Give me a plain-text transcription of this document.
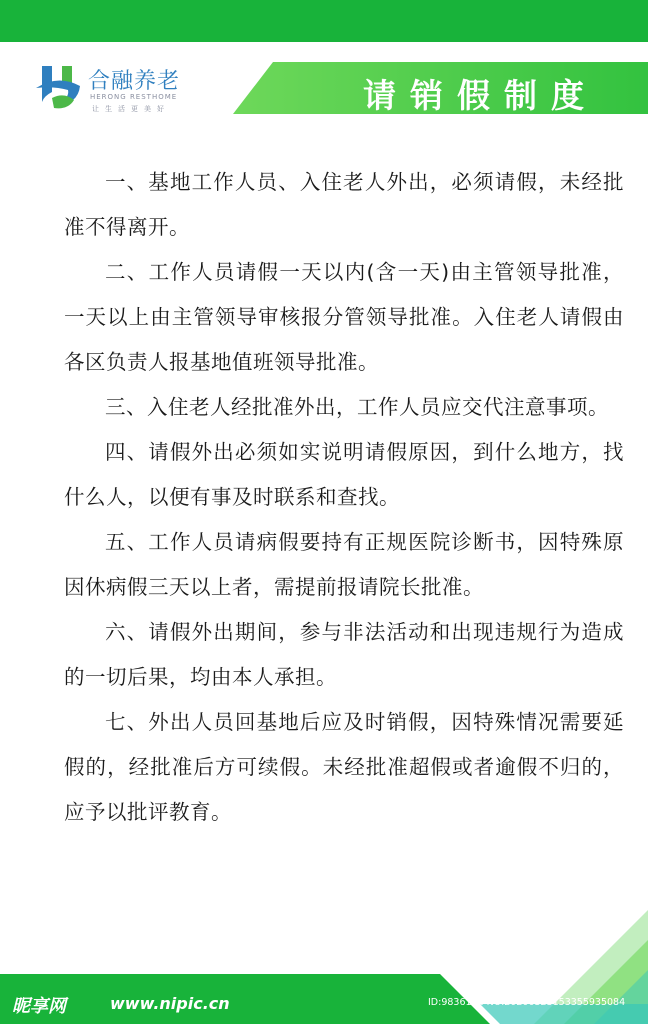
合融养老
HERONG RESTHOME
让生活更美好	请销假制度

一、基地工作人员、入住老人外出，必须请假，未经批准不得离开。

二、工作人员请假一天以内(含一天)由主管领导批准，一天以上由主管领导审核报分管领导批准。入住老人请假由各区负责人报基地值班领导批准。

三、入住老人经批准外出，工作人员应交代注意事项。

四、请假外出必须如实说明请假原因，到什么地方，找什么人，以便有事及时联系和查找。

五、工作人员请病假要持有正规医院诊断书，因特殊原因休病假三天以上者，需提前报请院长批准。

六、请假外出期间，参与非法活动和出现违规行为造成的一切后果，均由本人承担。

七、外出人员回基地后应及时销假，因特殊情况需要延假的，经批准后方可续假。未经批准超假或者逾假不归的，应予以批评教育。

昵享网	www.nipic.cn	ID:9836132 NO:20200323153355935084
